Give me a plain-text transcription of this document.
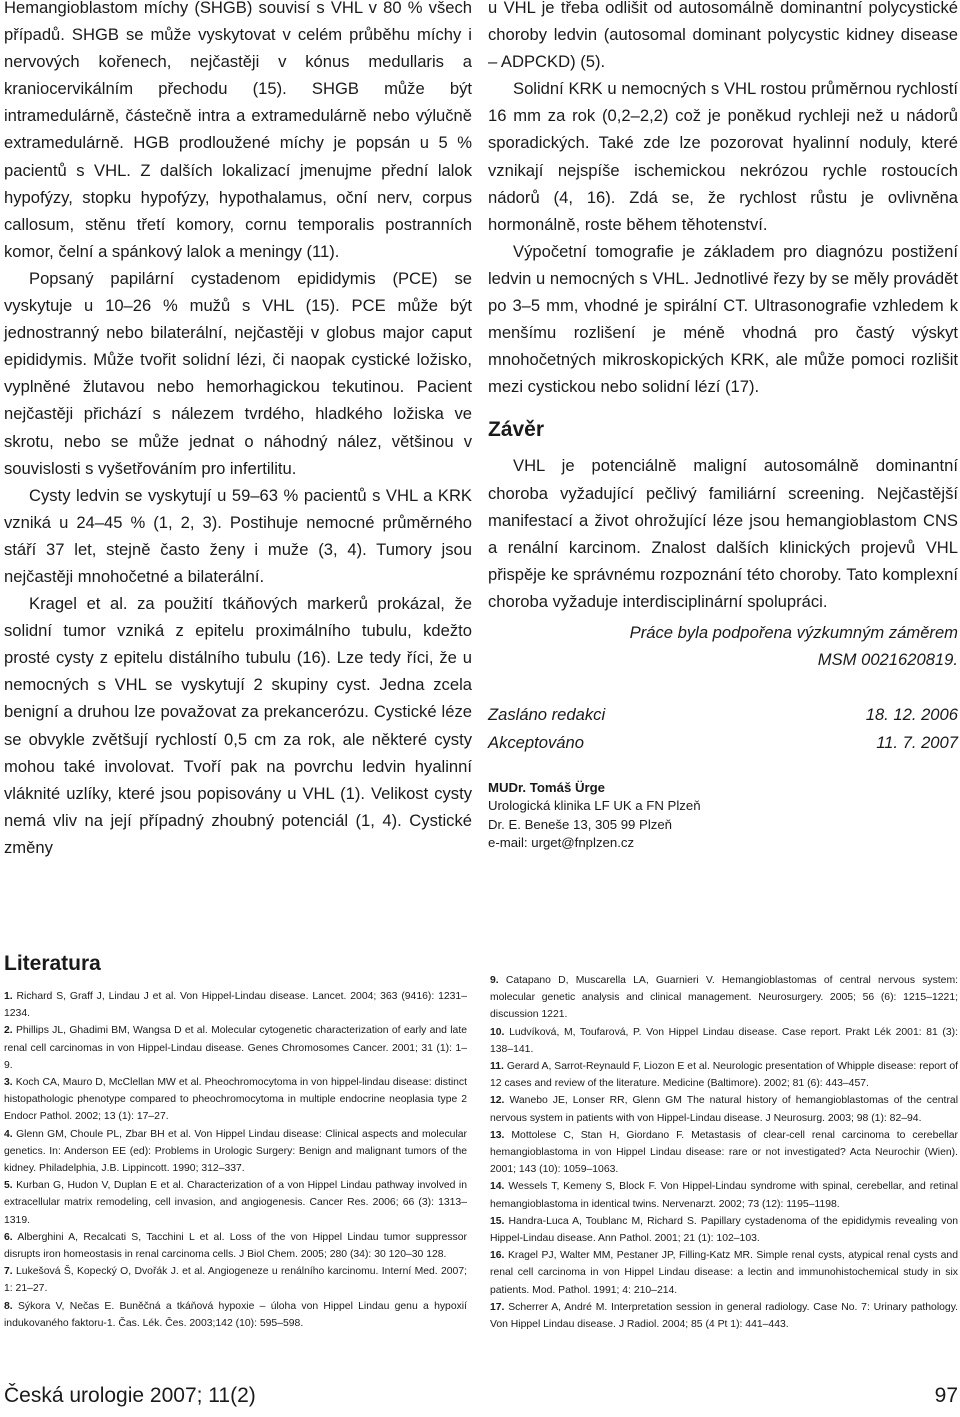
Hemangioblastom míchy (SHGB) souvisí s VHL v 80 % všech případů. SHGB se může vyskytovat v celém průběhu míchy i nervových kořenech, nejčastěji v kónus medullaris a kraniocervikálním přechodu (15). SHGB může být intramedulárně, částečně intra a extramedulárně nebo výlučně extramedulárně. HGB prodloužené míchy je popsán u 5 % pacientů s VHL. Z dalších lokalizací jmenujme přední lalok hypofýzy, stopku hypofýzy, hypothalamus, oční nerv, corpus callosum, stěnu třetí komory, cornu temporalis postranních komor, čelní a spánkový lalok a meningy (11).

Popsaný papilární cystadenom epididymis (PCE) se vyskytuje u 10–26 % mužů s VHL (15). PCE může být jednostranný nebo bilaterální, nejčastěji v globus major caput epididymis. Může tvořit solidní lézi, či naopak cystické ložisko, vyplněné žlutavou nebo hemorhagickou tekutinou. Pacient nejčastěji přichází s nálezem tvrdého, hladkého ložiska ve skrotu, nebo se může jednat o náhodný nález, většinou v souvislosti s vyšetřováním pro infertilitu.

Cysty ledvin se vyskytují u 59–63 % pacientů s VHL a KRK vzniká u 24–45 % (1, 2, 3). Postihuje nemocné průměrného stáří 37 let, stejně často ženy i muže (3, 4). Tumory jsou nejčastěji mnohočetné a bilaterální.

Kragel et al. za použití tkáňových markerů prokázal, že solidní tumor vzniká z epitelu proximálního tubulu, kdežto prosté cysty z epitelu distálního tubulu (16). Lze tedy říci, že u nemocných s VHL se vyskytují 2 skupiny cyst. Jedna zcela benigní a druhou lze považovat za prekancerózu. Cystické léze se obvykle zvětšují rychlostí 0,5 cm za rok, ale některé cysty mohou také involovat. Tvoří pak na povrchu ledvin hyalinní vláknité uzlíky, které jsou popisovány u VHL (1). Velikost cysty nemá vliv na její případný zhoubný potenciál (1, 4). Cystické změny

u VHL je třeba odlišit od autosomálně dominantní polycystické choroby ledvin (autosomal dominant polycystic kidney disease – ADPCKD) (5).

Solidní KRK u nemocných s VHL rostou průměrnou rychlostí 16 mm za rok (0,2–2,2) což je poněkud rychleji než u nádorů sporadických. Také zde lze pozorovat hyalinní noduly, které vznikají nejspíše ischemickou nekrózou rychle rostoucích nádorů (4, 16). Zdá se, že rychlost růstu je ovlivněna hormonálně, roste během těhotenství.

Výpočetní tomografie je základem pro diagnózu postižení ledvin u nemocných s VHL. Jednotlivé řezy by se měly provádět po 3–5 mm, vhodné je spirální CT. Ultrasonografie vzhledem k menšímu rozlišení je méně vhodná pro častý výskyt mnohočetných mikroskopických KRK, ale může pomoci rozlišit mezi cystickou nebo solidní lézí (17).

Závěr

VHL je potenciálně maligní autosomálně dominantní choroba vyžadující pečlivý familiární screening. Nejčastější manifestací a život ohrožující léze jsou hemangioblastom CNS a renální karcinom. Znalost dalších klinických projevů VHL přispěje ke správnému rozpoznání této choroby. Tato komplexní choroba vyžaduje interdisciplinární spolupráci.

Práce byla podpořena výzkumným záměrem
MSM 0021620819.
Zasláno redakci	18. 12. 2006
Akceptováno	11. 7. 2007
MUDr. Tomáš Ürge
Urologická klinika LF UK a FN Plzeň
Dr. E. Beneše 13, 305 99 Plzeň
e-mail: urget@fnplzen.cz
Literatura
1. Richard S, Graff J, Lindau J et al. Von Hippel-Lindau disease. Lancet. 2004; 363 (9416): 1231–1234.
2. Phillips JL, Ghadimi BM, Wangsa D et al. Molecular cytogenetic characterization of early and late renal cell carcinomas in von Hippel-Lindau disease. Genes Chromosomes Cancer. 2001; 31 (1): 1–9.
3. Koch CA, Mauro D, McClellan MW et al. Pheochromocytoma in von hippel-lindau disease: distinct histopathologic phenotype compared to pheochromocytoma in multiple endocrine neoplasia type 2 Endocr Pathol. 2002; 13 (1): 17–27.
4. Glenn GM, Choule PL, Zbar BH et al. Von Hippel Lindau disease: Clinical aspects and molecular genetics. In: Anderson EE (ed): Problems in Urologic Surgery: Benign and malignant tumors of the kidney. Philadelphia, J.B. Lippincott. 1990; 312–337.
5. Kurban G, Hudon V, Duplan E et al. Characterization of a von Hippel Lindau pathway involved in extracellular matrix remodeling, cell invasion, and angiogenesis. Cancer Res. 2006; 66 (3): 1313–1319.
6. Alberghini A, Recalcati S, Tacchini L et al. Loss of the von Hippel Lindau tumor suppressor disrupts iron homeostasis in renal carcinoma cells. J Biol Chem. 2005; 280 (34): 30 120–30 128.
7. Lukešová Š, Kopecký O, Dvořák J. et al. Angiogeneze u renálního karcinomu. Interní Med. 2007; 1: 21–27.
8. Sýkora V, Nečas E. Buněčná a tkáňová hypoxie – úloha von Hippel Lindau genu a hypoxií indukovaného faktoru-1. Čas. Lék. Čes. 2003;142 (10): 595–598.
9. Catapano D, Muscarella LA, Guarnieri V. Hemangioblastomas of central nervous system: molecular genetic analysis and clinical management. Neurosurgery. 2005; 56 (6): 1215–1221; discussion 1221.
10. Ludvíková, M, Toufarová, P. Von Hippel Lindau disease. Case report. Prakt Lék 2001: 81 (3): 138–141.
11. Gerard A, Sarrot-Reynauld F, Liozon E et al. Neurologic presentation of Whipple disease: report of 12 cases and review of the literature. Medicine (Baltimore). 2002; 81 (6): 443–457.
12. Wanebo JE, Lonser RR, Glenn GM The natural history of hemangioblastomas of the central nervous system in patients with von Hippel-Lindau disease. J Neurosurg. 2003; 98 (1): 82–94.
13. Mottolese C, Stan H, Giordano F. Metastasis of clear-cell renal carcinoma to cerebellar hemangioblastoma in von Hippel Lindau disease: rare or not investigated? Acta Neurochir (Wien). 2001; 143 (10): 1059–1063.
14. Wessels T, Kemeny S, Block F. Von Hippel-Lindau syndrome with spinal, cerebellar, and retinal hemangioblastoma in identical twins. Nervenarzt. 2002; 73 (12): 1195–1198.
15. Handra-Luca A, Toublanc M, Richard S. Papillary cystadenoma of the epididymis revealing von Hippel-Lindau disease. Ann Pathol. 2001; 21 (1): 102–103.
16. Kragel PJ, Walter MM, Pestaner JP, Filling-Katz MR. Simple renal cysts, atypical renal cysts and renal cell carcinoma in von Hippel Lindau disease: a lectin and immunohistochemical study in six patients. Mod. Pathol. 1991; 4: 210–214.
17. Scherrer A, André M. Interpretation session in general radiology. Case No. 7: Urinary pathology. Von Hippel Lindau disease. J Radiol. 2004; 85 (4 Pt 1): 441–443.
Česká urologie 2007; 11(2)	97
